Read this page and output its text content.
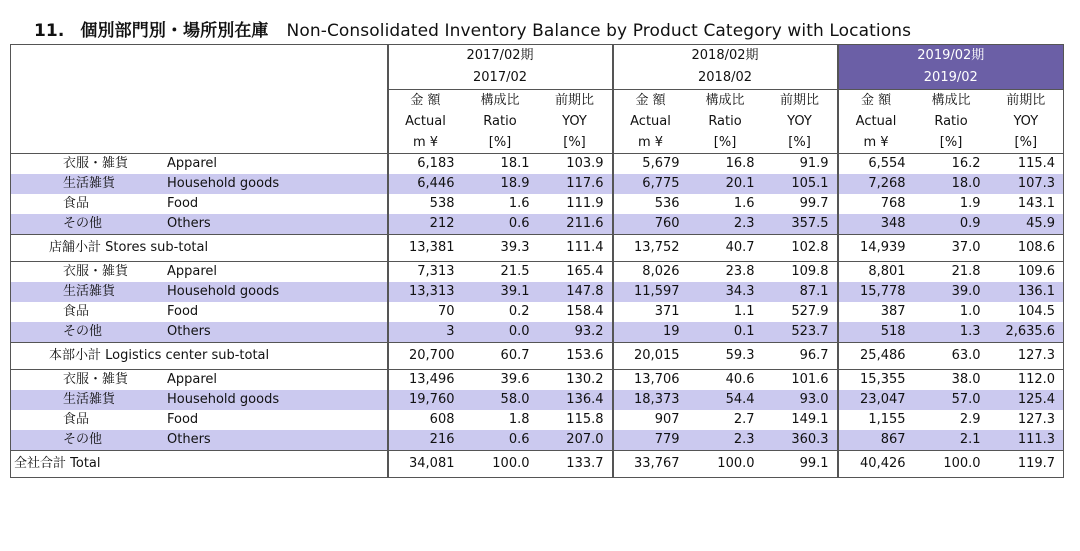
11. 個別部門別・場所別在庫 Non-Consolidated Inventory Balance by Product Category with Locations
	2017/02期			2018/02期			2019/02期		
	2017/02			2018/02			2019/02		
	金 額	構成比	前期比	金 額	構成比	前期比	金 額	構成比	前期比
	Actual	Ratio	YOY	Actual	Ratio	YOY	Actual	Ratio	YOY
	m ¥	[%]	[%]	m ¥	[%]	[%]	m ¥	[%]	[%]
衣服・雑貨 Apparel	6,183	18.1	103.9	5,679	16.8	91.9	6,554	16.2	115.4
生活雑貨 Household goods	6,446	18.9	117.6	6,775	20.1	105.1	7,268	18.0	107.3
食品 Food	538	1.6	111.9	536	1.6	99.7	768	1.9	143.1
その他 Others	212	0.6	211.6	760	2.3	357.5	348	0.9	45.9
店舗小計 Stores sub-total	13,381	39.3	111.4	13,752	40.7	102.8	14,939	37.0	108.6
衣服・雑貨 Apparel	7,313	21.5	165.4	8,026	23.8	109.8	8,801	21.8	109.6
生活雑貨 Household goods	13,313	39.1	147.8	11,597	34.3	87.1	15,778	39.0	136.1
食品 Food	70	0.2	158.4	371	1.1	527.9	387	1.0	104.5
その他 Others	3	0.0	93.2	19	0.1	523.7	518	1.3	2,635.6
本部小計 Logistics center sub-total	20,700	60.7	153.6	20,015	59.3	96.7	25,486	63.0	127.3
衣服・雑貨 Apparel	13,496	39.6	130.2	13,706	40.6	101.6	15,355	38.0	112.0
生活雑貨 Household goods	19,760	58.0	136.4	18,373	54.4	93.0	23,047	57.0	125.4
食品 Food	608	1.8	115.8	907	2.7	149.1	1,155	2.9	127.3
その他 Others	216	0.6	207.0	779	2.3	360.3	867	2.1	111.3
全社合計 Total	34,081	100.0	133.7	33,767	100.0	99.1	40,426	100.0	119.7
